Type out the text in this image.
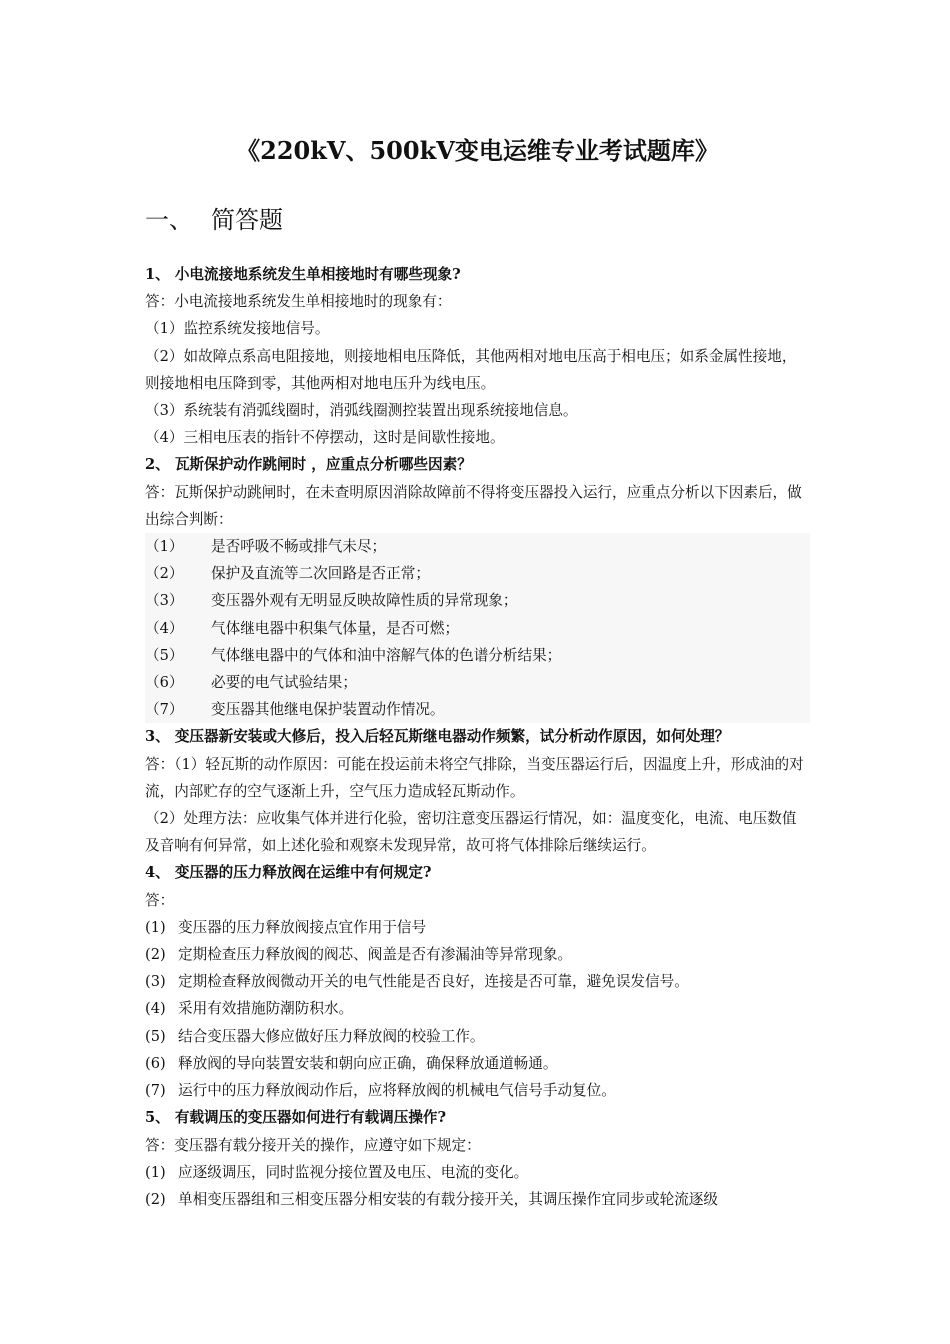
《220kV、500kV变电运维专业考试题库》
一、 简答题

1、 小电流接地系统发生单相接地时有哪些现象?

答：小电流接地系统发生单相接地时的现象有：

（1）监控系统发接地信号。

（2）如故障点系高电阻接地，则接地相电压降低，其他两相对地电压高于相电压；如系金属性接地，则接地相电压降到零，其他两相对地电压升为线电压。

（3）系统装有消弧线圈时，消弧线圈测控装置出现系统接地信息。

（4）三相电压表的指针不停摆动，这时是间歇性接地。

2、 瓦斯保护动作跳闸时 ，应重点分析哪些因素？

答：瓦斯保护动跳闸时，在未查明原因消除故障前不得将变压器投入运行，应重点分析以下因素后，做出综合判断：

（1）	是否呼吸不畅或排气未尽；
（2）	保护及直流等二次回路是否正常；
（3）	变压器外观有无明显反映故障性质的异常现象；
（4）	气体继电器中积集气体量，是否可燃；
（5）	气体继电器中的气体和油中溶解气体的色谱分析结果；
（6）	必要的电气试验结果；
（7）	变压器其他继电保护装置动作情况。

3、 变压器新安装或大修后，投入后轻瓦斯继电器动作频繁，试分析动作原因，如何处理？

答：（1）轻瓦斯的动作原因：可能在投运前未将空气排除，当变压器运行后，因温度上升，形成油的对流，内部贮存的空气逐渐上升，空气压力造成轻瓦斯动作。

（2）处理方法：应收集气体并进行化验，密切注意变压器运行情况，如：温度变化，电流、电压数值及音响有何异常，如上述化验和观察未发现异常，故可将气体排除后继续运行。

4、 变压器的压力释放阀在运维中有何规定?

答：

(1) 变压器的压力释放阀接点宜作用于信号
(2) 定期检查压力释放阀的阀芯、阀盖是否有渗漏油等异常现象。
(3) 定期检查释放阀微动开关的电气性能是否良好，连接是否可靠，避免误发信号。
(4) 采用有效措施防潮防积水。
(5) 结合变压器大修应做好压力释放阀的校验工作。
(6) 释放阀的导向装置安装和朝向应正确，确保释放通道畅通。
(7) 运行中的压力释放阀动作后，应将释放阀的机械电气信号手动复位。

5、 有载调压的变压器如何进行有载调压操作?

答：变压器有载分接开关的操作，应遵守如下规定：

(1) 应逐级调压，同时监视分接位置及电压、电流的变化。
(2) 单相变压器组和三相变压器分相安装的有载分接开关，其调压操作宜同步或轮流逐级
